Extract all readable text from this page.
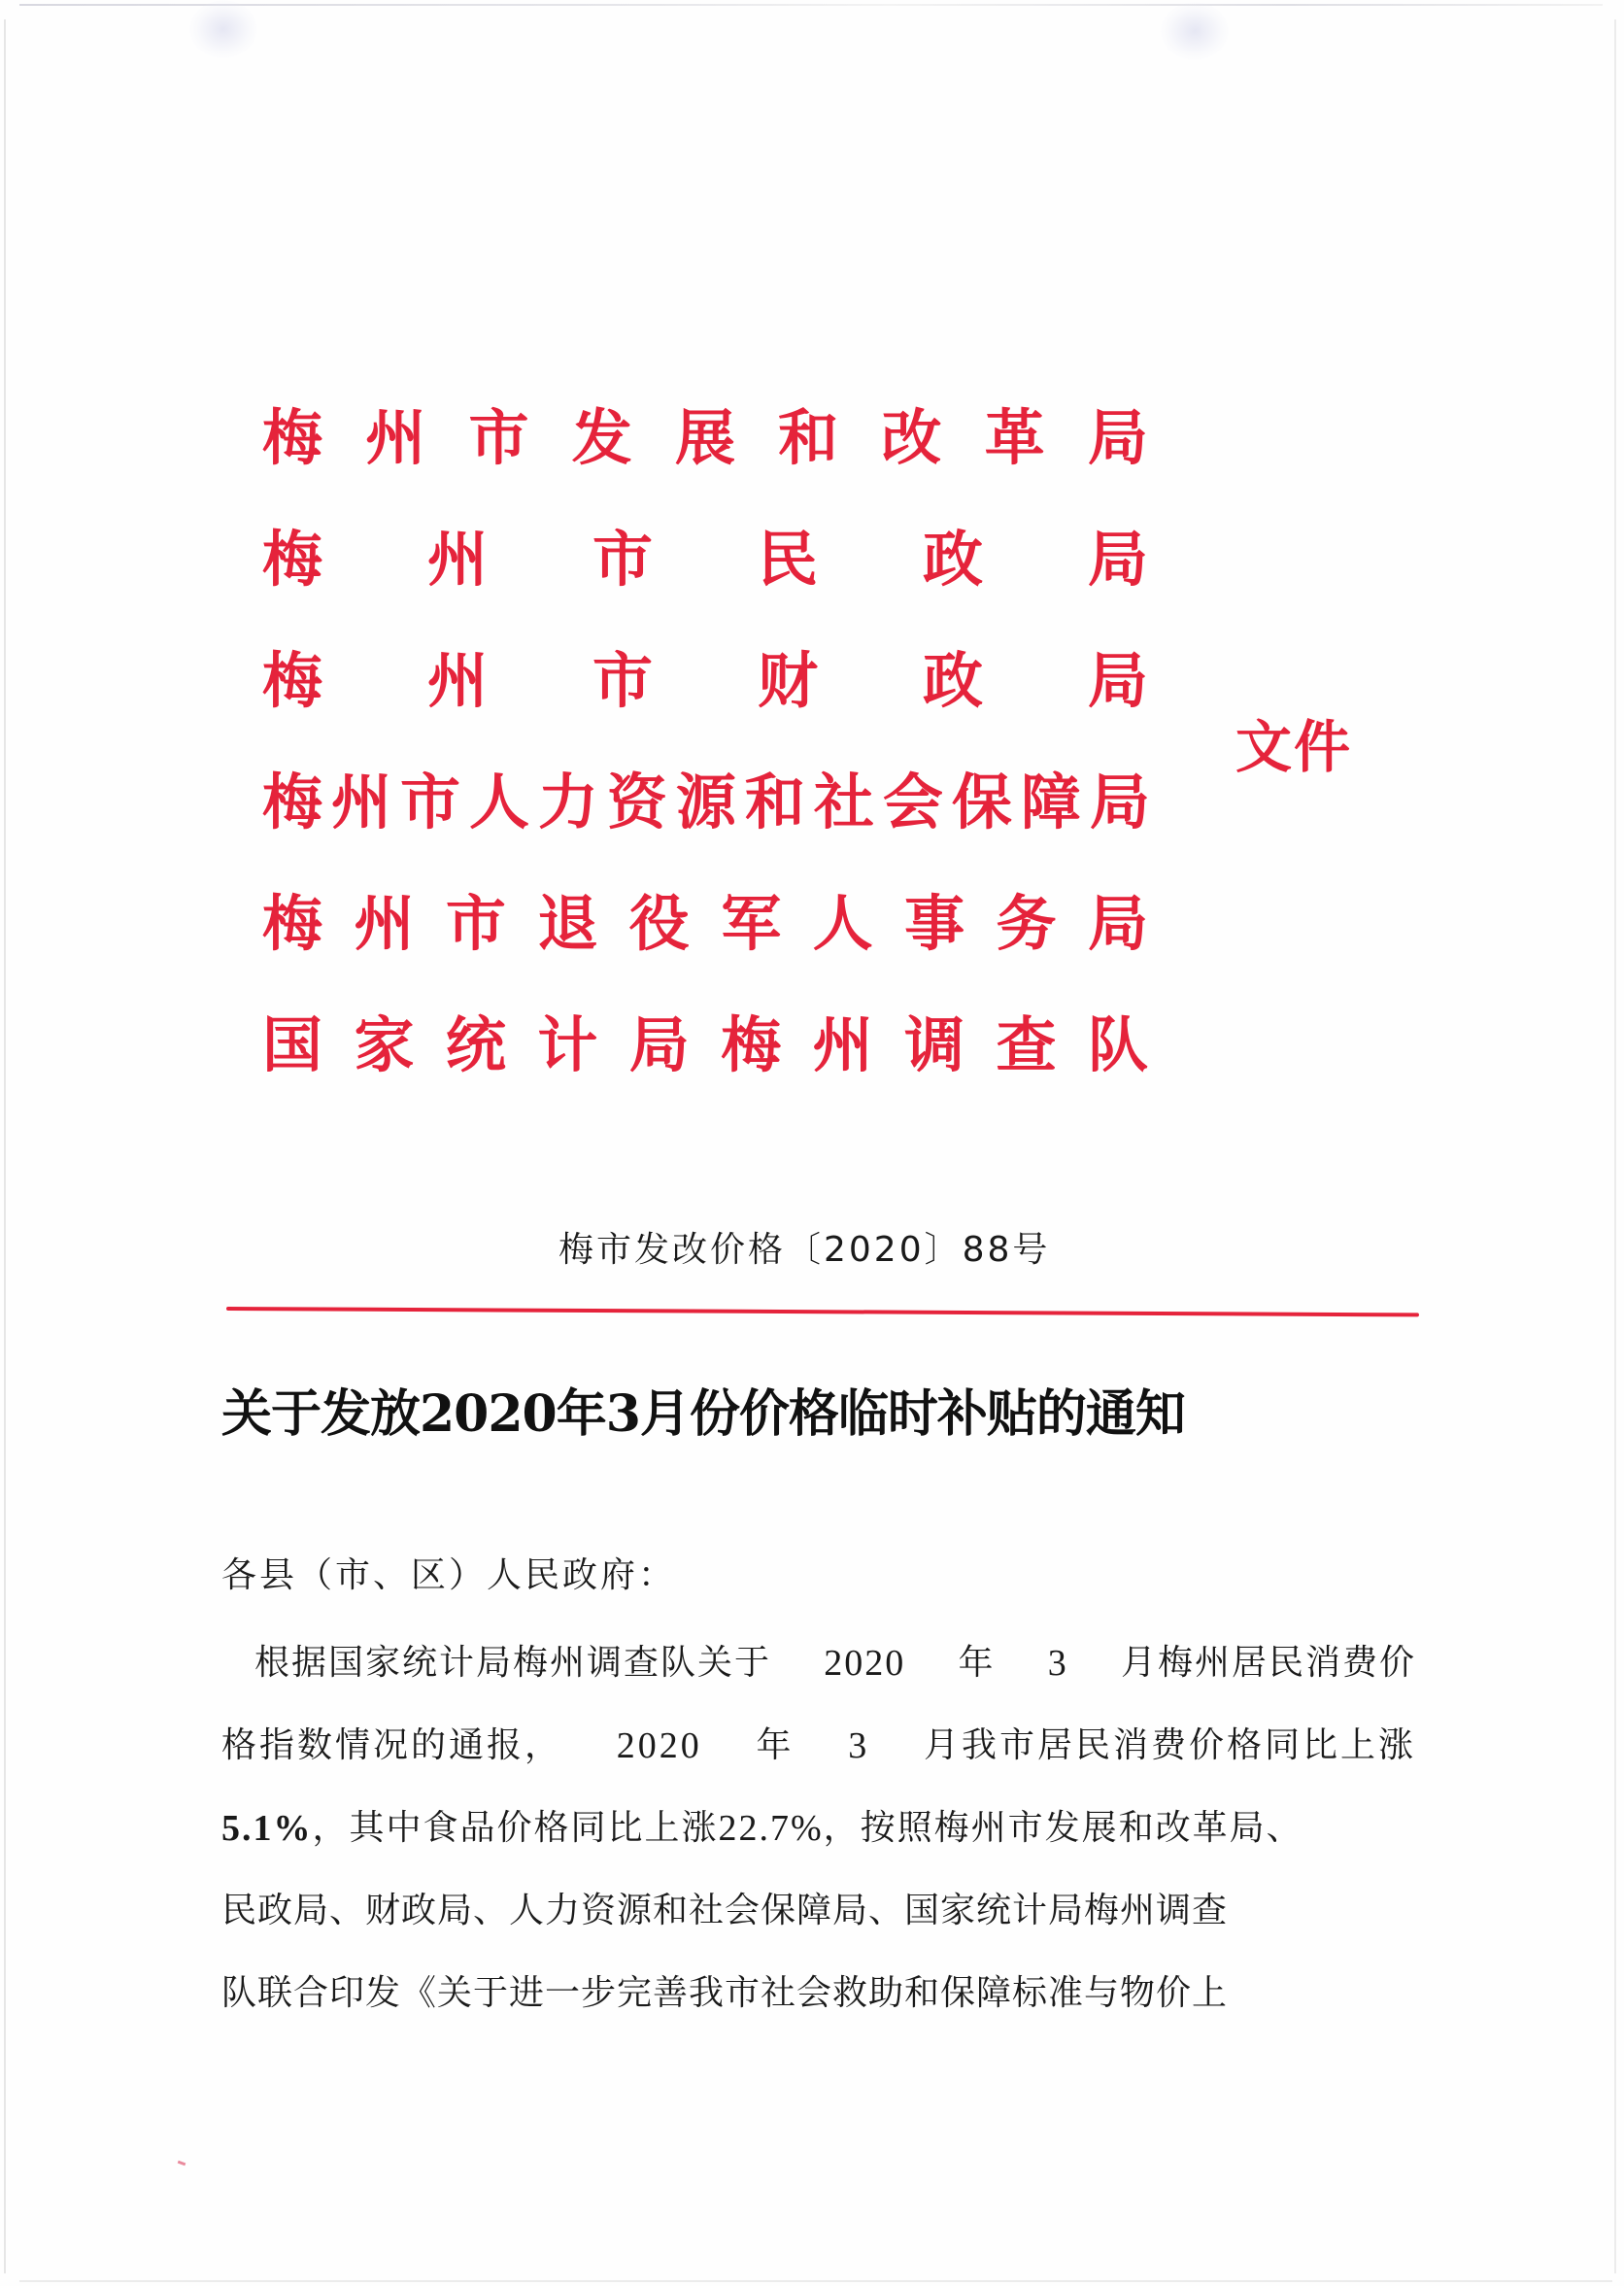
梅 州 市 发 展 和 改 革 局
梅 州 市 民 政 局
梅 州 市 财 政 局
梅 州 市 人 力 资 源 和 社 会 保 障 局
梅 州 市 退 役 军 人 事 务 局
国 家 统 计 局 梅 州 调 查 队
文件
梅市发改价格〔2020〕88号
关于发放2020年3月份价格临时补贴的通知
各县（市、区）人民政府：
根据国家统计局梅州调查队关于 2020 年 3 月梅州居民消费价
格指数情况的通报， 2020 年 3 月我市居民消费价格同比上涨
5.1% ，其中食品价格同比上涨 22.7% ，按照梅州市发展和改革局、
民政局、财政局、人力资源和社会保障局、国家统计局梅州调查
队联合印发《关于进一步完善我市社会救助和保障标准与物价上
